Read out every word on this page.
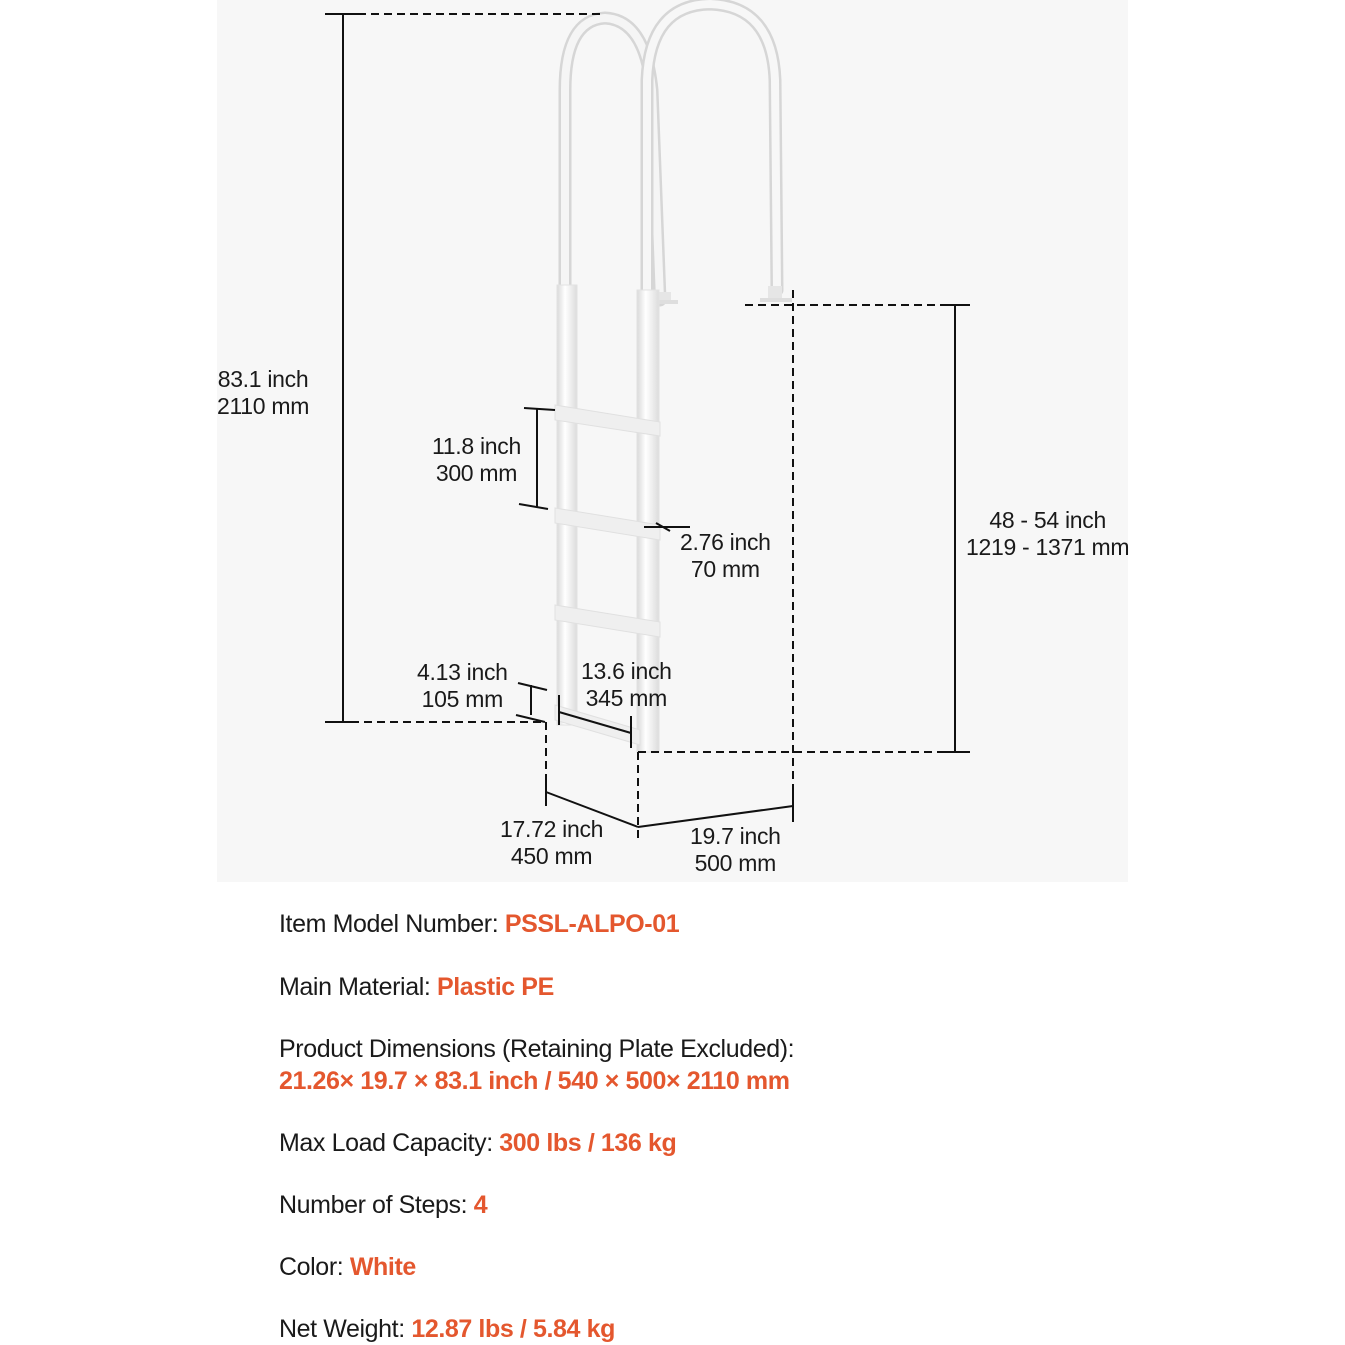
83.1 inch
2110 mm
11.8 inch
300 mm
2.76 inch
70 mm
48 - 54 inch
1219 - 1371 mm
4.13 inch
105 mm
13.6 inch
345 mm
17.72 inch
450 mm
19.7 inch
500 mm
Item Model Number: PSSL-ALPO-01
Main Material: Plastic PE
Product Dimensions (Retaining Plate Excluded):
21.26× 19.7 × 83.1 inch / 540 × 500× 2110 mm
Max Load Capacity: 300 lbs / 136 kg
Number of Steps: 4
Color: White
Net Weight: 12.87 lbs / 5.84 kg
